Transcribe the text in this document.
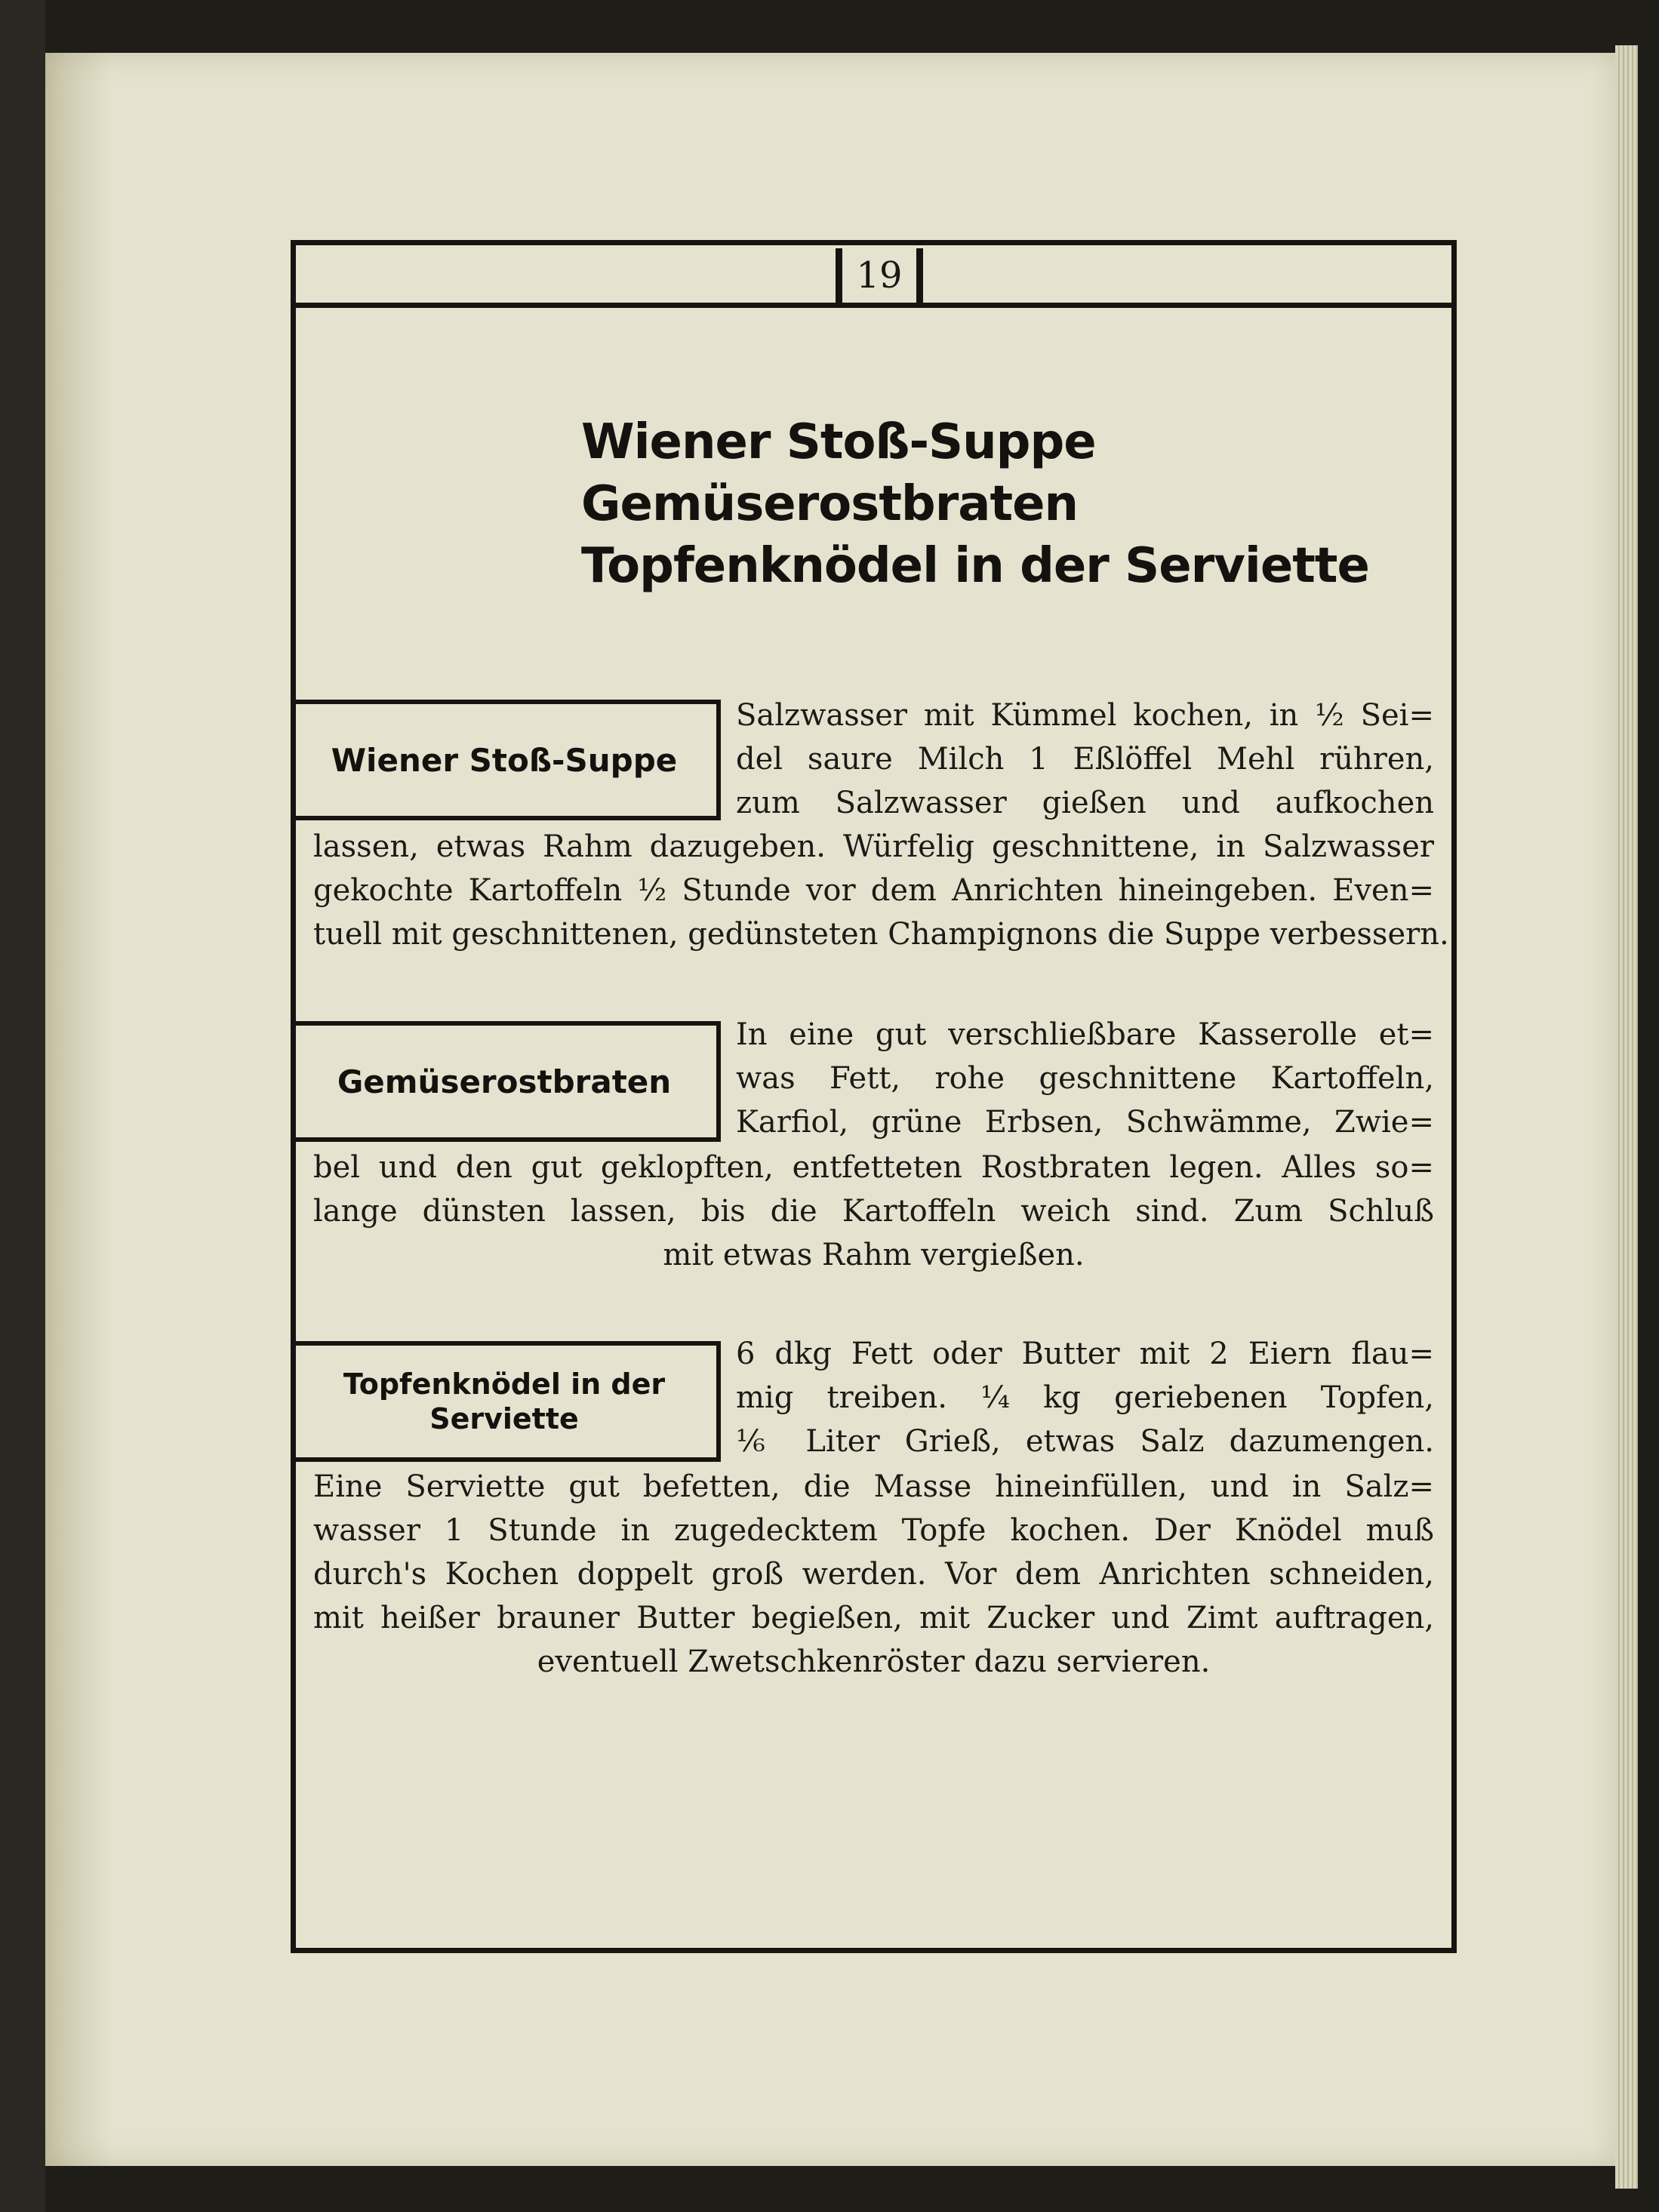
19
Wiener Stoß-Suppe
Gemüserostbraten
Topfenknödel in der Serviette
Wiener Stoß-Suppe
Salzwasser mit Kümmel kochen, in ½ Sei=
del saure Milch 1 Eßlöffel Mehl rühren,
zum Salzwasser gießen und aufkochen
lassen, etwas Rahm dazugeben. Würfelig geschnittene, in Salzwasser
gekochte Kartoffeln ½ Stunde vor dem Anrichten hineingeben. Even=
tuell mit geschnittenen, gedünsteten Champignons die Suppe verbessern.
Gemüserostbraten
In eine gut verschließbare Kasserolle et=
was Fett, rohe geschnittene Kartoffeln,
Karfiol, grüne Erbsen, Schwämme, Zwie=
bel und den gut geklopften, entfetteten Rostbraten legen. Alles so=
lange dünsten lassen, bis die Kartoffeln weich sind. Zum Schluß
mit etwas Rahm vergießen.
Topfenknödel in der
Serviette
6 dkg Fett oder Butter mit 2 Eiern flau=
mig treiben. ¼ kg geriebenen Topfen,
⅙ Liter Grieß, etwas Salz dazumengen.
Eine Serviette gut befetten, die Masse hineinfüllen, und in Salz=
wasser 1 Stunde in zugedecktem Topfe kochen. Der Knödel muß
durch's Kochen doppelt groß werden. Vor dem Anrichten schneiden,
mit heißer brauner Butter begießen, mit Zucker und Zimt auftragen,
eventuell Zwetschkenröster dazu servieren.
